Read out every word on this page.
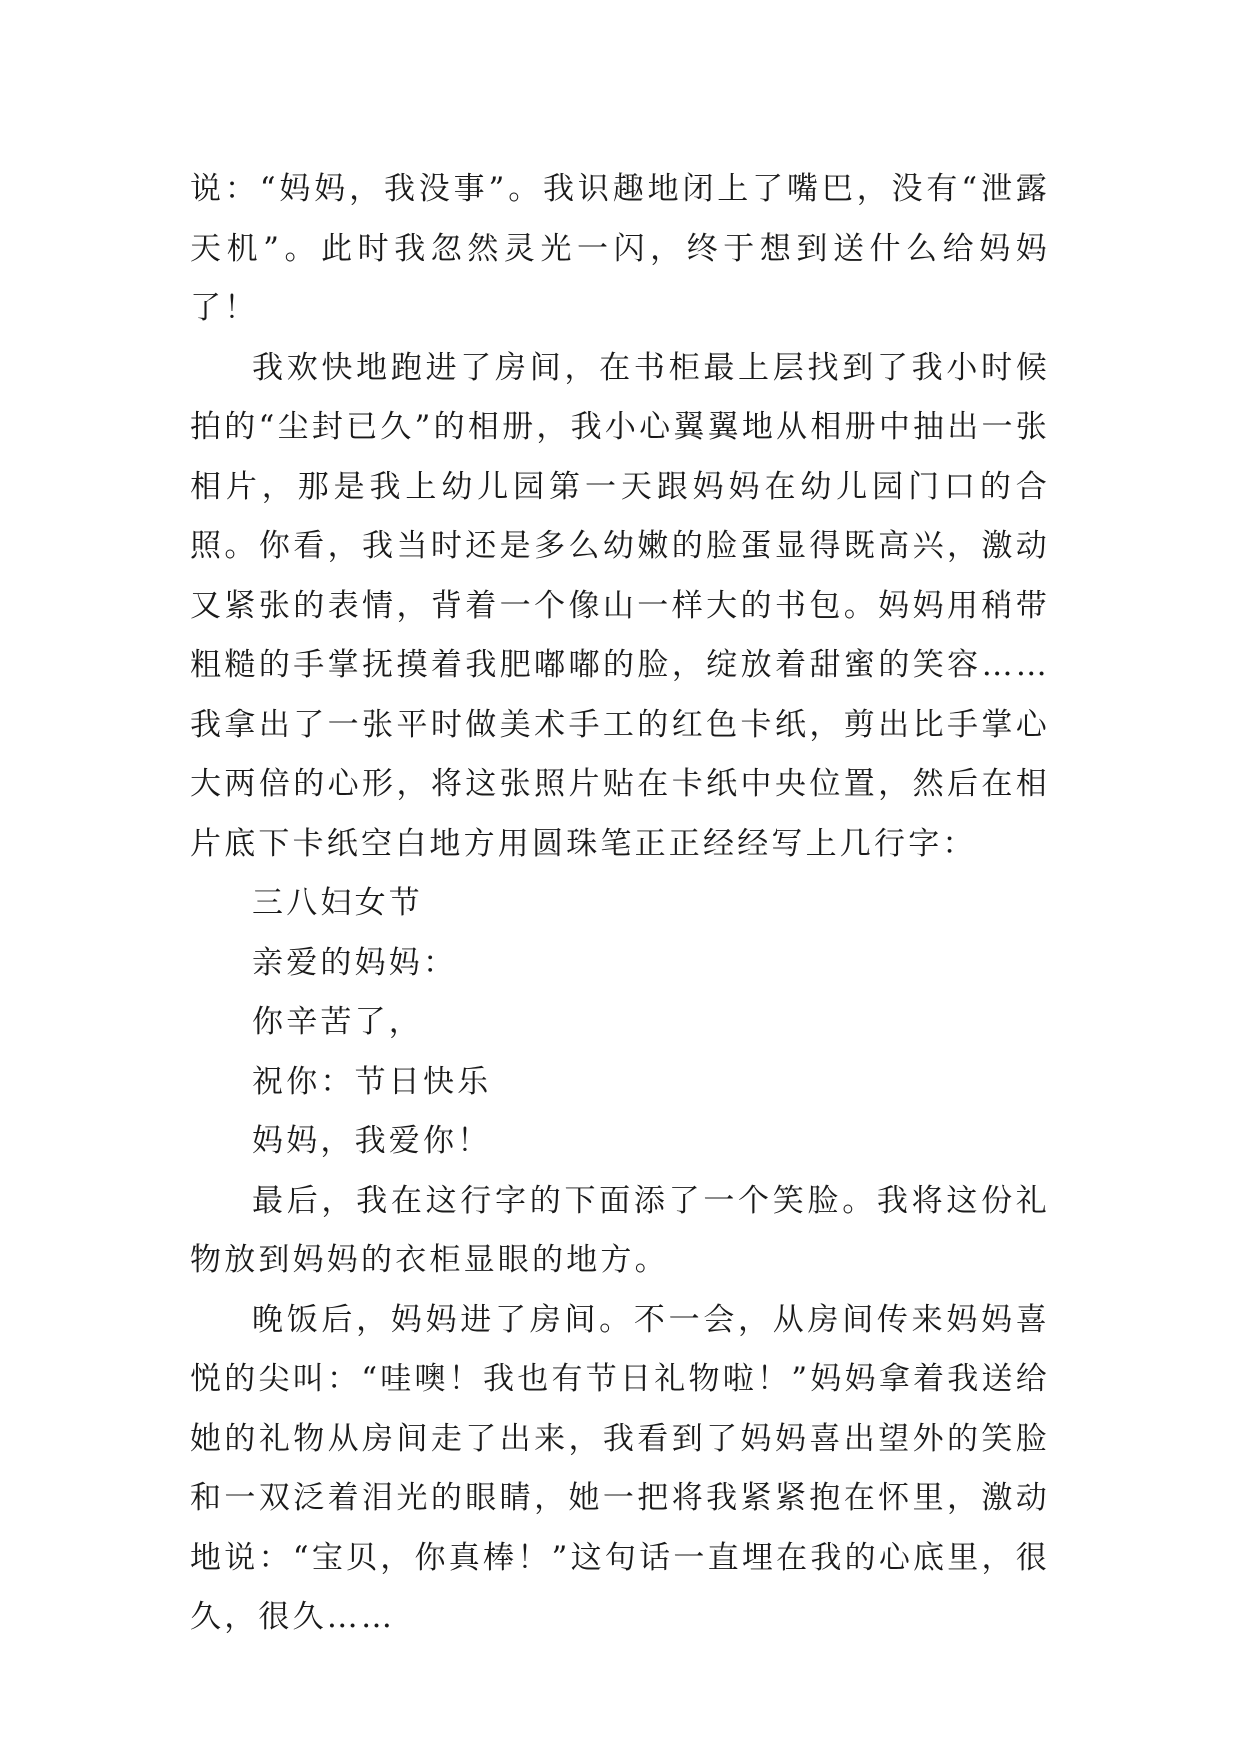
说：“妈妈，我没事”。我识趣地闭上了嘴巴，没有“泄露天机”。此时我忽然灵光一闪，终于想到送什么给妈妈了！

我欢快地跑进了房间，在书柜最上层找到了我小时候拍的“尘封已久”的相册，我小心翼翼地从相册中抽出一张相片，那是我上幼儿园第一天跟妈妈在幼儿园门口的合照。你看，我当时还是多么幼嫩的脸蛋显得既高兴，激动又紧张的表情，背着一个像山一样大的书包。妈妈用稍带粗糙的手掌抚摸着我肥嘟嘟的脸，绽放着甜蜜的笑容……我拿出了一张平时做美术手工的红色卡纸，剪出比手掌心大两倍的心形，将这张照片贴在卡纸中央位置，然后在相片底下卡纸空白地方用圆珠笔正正经经写上几行字：

三八妇女节

亲爱的妈妈：

你辛苦了，

祝你：节日快乐

妈妈，我爱你！

最后，我在这行字的下面添了一个笑脸。我将这份礼物放到妈妈的衣柜显眼的地方。

晚饭后，妈妈进了房间。不一会，从房间传来妈妈喜悦的尖叫：“哇噢！我也有节日礼物啦！”妈妈拿着我送给她的礼物从房间走了出来，我看到了妈妈喜出望外的笑脸和一双泛着泪光的眼睛，她一把将我紧紧抱在怀里，激动地说：“宝贝，你真棒！”这句话一直埋在我的心底里，很久，很久……
